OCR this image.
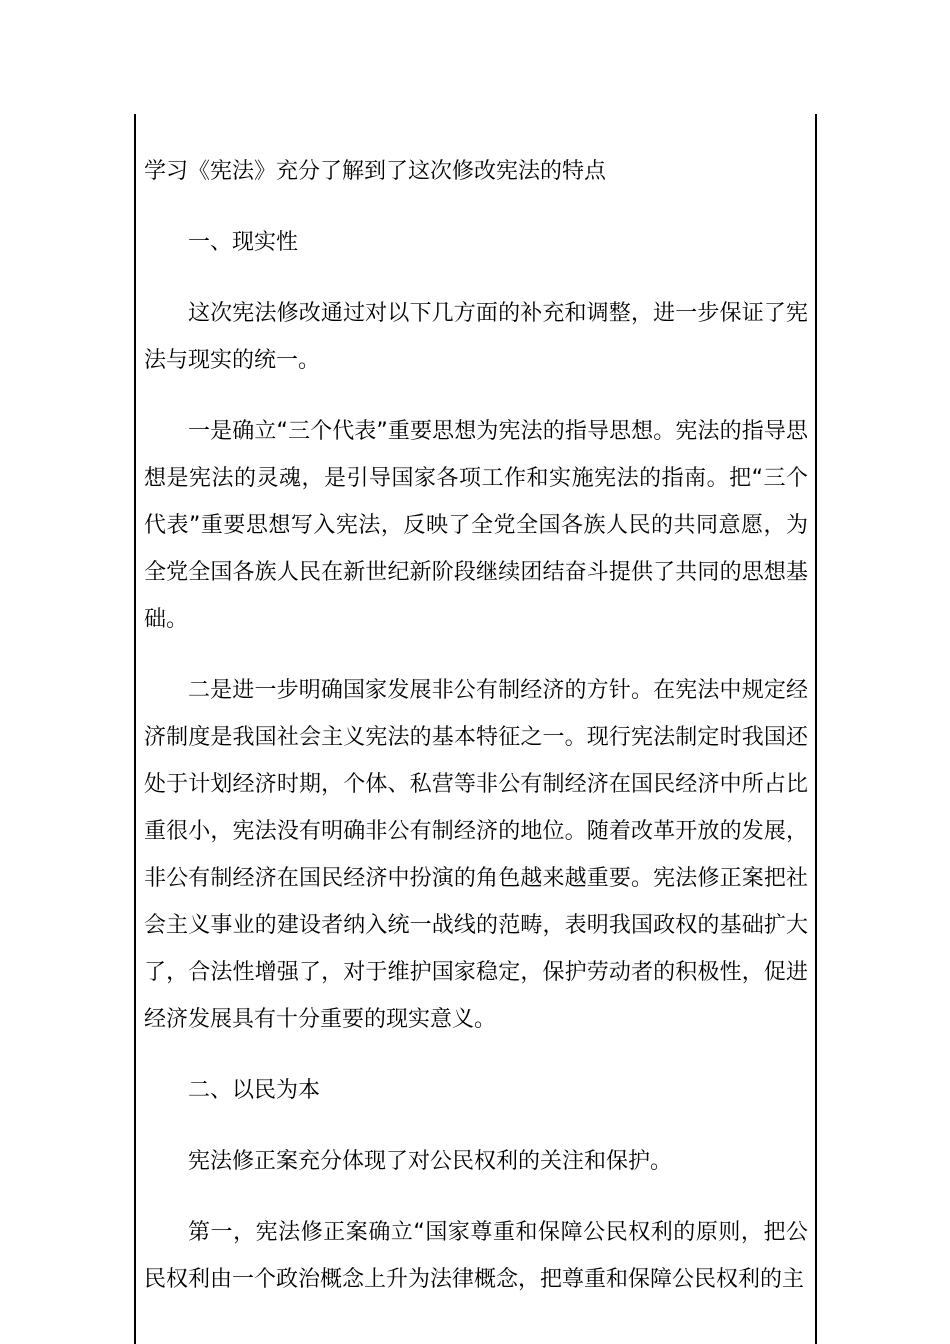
学习《宪法》充分了解到了这次修改宪法的特点

一、现实性

这次宪法修改通过对以下几方面的补充和调整，进一步保证了宪法与现实的统一。

一是确立“三个代表”重要思想为宪法的指导思想。宪法的指导思想是宪法的灵魂，是引导国家各项工作和实施宪法的指南。把“三个代表”重要思想写入宪法，反映了全党全国各族人民的共同意愿，为全党全国各族人民在新世纪新阶段继续团结奋斗提供了共同的思想基础。

二是进一步明确国家发展非公有制经济的方针。在宪法中规定经济制度是我国社会主义宪法的基本特征之一。现行宪法制定时我国还处于计划经济时期，个体、私营等非公有制经济在国民经济中所占比重很小，宪法没有明确非公有制经济的地位。随着改革开放的发展，非公有制经济在国民经济中扮演的角色越来越重要。宪法修正案把社会主义事业的建设者纳入统一战线的范畴，表明我国政权的基础扩大了，合法性增强了，对于维护国家稳定，保护劳动者的积极性，促进经济发展具有十分重要的现实意义。

二、以民为本

宪法修正案充分体现了对公民权利的关注和保护。

第一，宪法修正案确立“国家尊重和保障公民权利的原则，把公民权利由一个政治概念上升为法律概念，把尊重和保障公民权利的主
